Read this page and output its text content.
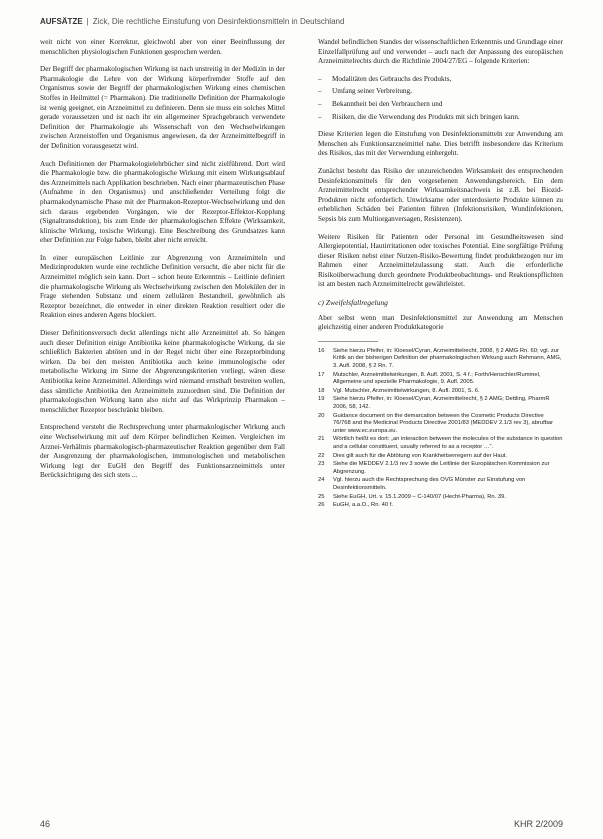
AUFSÄTZE | Zick, Die rechtliche Einstufung von Desinfektionsmitteln in Deutschland

weit nicht von einer Korrektur, gleichwohl aber von einer Beeinflussung der menschlichen physiologischen Funktionen gesprochen werden.

Der Begriff der pharmakologischen Wirkung ist nach unstreitig in der Medizin in der Pharmakologie die Lehre von der Wirkung körperfremder Stoffe auf den Organismus sowie der Begriff der pharmakologischen Wirkung eines chemischen Stoffes in Heilmittel (= Pharmakon). Die traditionelle Definition der Pharmakologie ist wenig geeignet, ein Arzneimittel zu definieren. Denn sie muss ein solches Mittel gerade voraussetzen und ist nach ihr ein allgemeiner Sprachgebrauch verwendete Definition der Pharmakologie als Wissenschaft von den Wechselwirkungen zwischen Arzneistoffen und Organismus angewiesen, da der Arzneimittelbegriff in der Definition vorausgesetzt wird.

Auch Definitionen der Pharmakologielehrbücher sind nicht zielführend. Dort wird die Pharmakologie bzw. die pharmakologische Wirkung mit einem Wirkungsablauf des Arzneimittels nach Applikation beschrieben. Nach einer pharmazeutischen Phase (Aufnahme in den Organismus) und anschließender Verteilung folgt die pharmakodynamische Phase mit der Pharmakon-Rezeptor-Wechselwirkung und den sich daraus ergebenden Vorgängen, wie der Rezeptor-Effektor-Kopplung (Signaltransduktion), bis zum Ende der pharmakologischen Effekte (Wirksamkeit, klinische Wirkung, toxische Wirkung). Eine Beschreibung des Grundsatzes kann eher Definition zur Folge haben, bleibt aber nicht erreicht.

In einer europäischen Leitlinie zur Abgrenzung von Arzneimitteln und Medizinprodukten wurde eine rechtliche Definition versucht, die aber nicht für die Arzneimittel möglich sein kann. Dort – schon heute Erkenntnis – Leitlinie definiert die pharmakologische Wirkung als Wechselwirkung zwischen den Molekülen der in Frage stehenden Substanz und einem zellulären Bestandteil, gewöhnlich als Rezeptor bezeichnet, die entweder in einer direkten Reaktion resultiert oder die Reaktion eines anderen Agens blockiert.

Dieser Definitionsversuch deckt allerdings nicht alle Arzneimittel ab. So hängen auch dieser Definition einige Antibiotika keine pharmakologische Wirkung, da sie schließlich Bakterien abtöten und in der Regel nicht über eine Rezeptorbindung wirken. Da bei den meisten Antibiotika auch keine immunologische oder metabolische Wirkung im Sinne der Abgrenzungskriterien vorliegt, wären diese Antibiotika keine Arzneimittel. Allerdings wird niemand ernsthaft bestreiten wollen, dass sämtliche Antibiotika den Arzneimitteln zuzuordnen sind. Die Definition der pharmakologischen Wirkung kann also nicht auf das Wirkprinzip Pharmakon – menschlicher Rezeptor beschränkt bleiben.

Entsprechend versteht die Rechtsprechung unter pharmakologischer Wirkung auch eine Wechselwirkung mit auf dem Körper befindlichen Keimen. Vergleichen im Arznei-Verhältnis pharmakologisch-pharmazeutischer Reaktion gegenüber dem Fall der Ausgrenzung der pharmakologischen, immunologischen und metabolischen Wirkung legt der EuGH den Begriff des Funktionsarzneimittels unter Berücksichtigung des sich stets ...

Wandel befindlichen Standes der wissenschaftlichen Erkenntnis und Grundlage einer Einzelfallprüfung auf und verwendet – auch nach der Anpassung des europäischen Arzneimittelrechts durch die Richtlinie 2004/27/EG – folgende Kriterien:

– Modalitäten des Gebrauchs des Produkts,
– Umfang seiner Verbreitung,
– Bekanntheit bei den Verbrauchern und
– Risiken, die die Verwendung des Produkts mit sich bringen kann.

Diese Kriterien legen die Einstufung von Desinfektionsmitteln zur Anwendung am Menschen als Funktionsarzneimittel nahe. Dies betrifft insbesondere das Kriterium des Risikos, das mit der Verwendung einhergeht.

Zunächst besteht das Risiko der unzureichenden Wirksamkeit des entsprechenden Desinfektionsmittels für den vorgesehenen Anwendungsbereich. Ein dem Arzneimittelrecht entsprechender Wirksamkeitsnachweis ist z.B. bei Biozid-Produkten nicht erforderlich. Unwirksame oder unterdosierte Produkte können zu erheblichen Schäden bei Patienten führen (Infektionsrisiken, Wundinfektionen, Sepsis bis zum Multiorganversagen, Resistenzen).

Weitere Risiken für Patienten oder Personal im Gesundheitswesen sind Allergiepotential, Hautirritationen oder toxisches Potential. Eine sorgfältige Prüfung dieser Risiken nebst einer Nutzen-Risiko-Bewertung findet produktbezogen nur im Rahmen einer Arzneimittelzulassung statt. Auch die erforderliche Risikoüberwachung durch geordnete Produktbeobachtungs- und Reaktionspflichten ist am besten nach Arzneimittelrecht gewährleistet.

c) Zweifelsfallregelung

Aber selbst wenn man Desinfektionsmittel zur Anwendung am Menschen gleichzeitig einer anderen Produktkategorie

16	Siehe hierzu Pfeifer, in: Kloesel/Cyran, Arzneimittelrecht, 2008, § 2 AMG Rn. 60; vgl. zur Kritik an der bisherigen Definition der pharmakologischen Wirkung auch Rehmann, AMG, 3. Aufl. 2008, § 2 Rn. 7.
17	Mutschler, Arzneimittelwirkungen, 8. Aufl. 2001, S. 4 f.; Forth/Henschler/Rummel, Allgemeine und spezielle Pharmakologie, 9. Aufl. 2005.
18	Vgl. Mutschler, Arzneimittelwirkungen, 8. Aufl. 2001, S. 6.
19	Siehe hierzu Pfeifer, in: Kloesel/Cyran, Arzneimittelrecht, § 2 AMG; Dettling, PharmR 2006, 58, 142.
20	Guidance document on the demarcation between the Cosmetic Products Directive 76/768 and the Medicinal Products Directive 2001/83 (MEDDEV 2.1/3 rev 3), abrufbar unter www.ec.europa.eu.
21	Wörtlich heißt es dort: „an interaction between the molecules of the substance in question and a cellular constituent, usually referred to as a receptor …“.
22	Dies gilt auch für die Abtötung von Krankheitserregern auf der Haut.
23	Siehe die MEDDEV 2.1/3 rev 3 sowie die Leitlinie der Europäischen Kommission zur Abgrenzung.
24	Vgl. hierzu auch die Rechtsprechung des OVG Münster zur Einstufung von Desinfektionsmitteln.
25	Siehe EuGH, Urt. v. 15.1.2009 – C-140/07 (Hecht-Pharma), Rn. 39.
26	EuGH, a.a.O., Rn. 40 f.
46	KHR 2/2009
